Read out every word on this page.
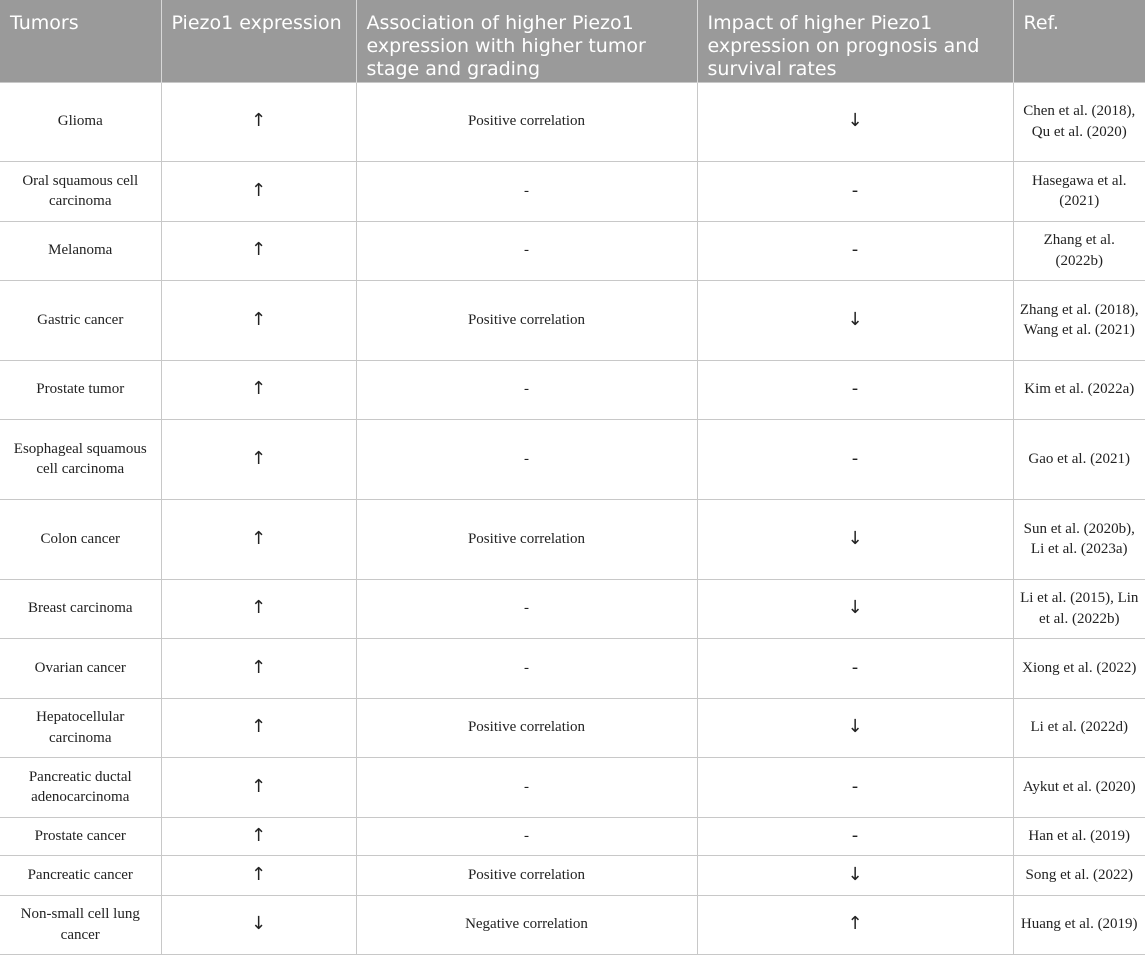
Tumors	Piezo1 expression	Association of higher Piezo1 expression with higher tumor stage and grading	Impact of higher Piezo1 expression on prognosis and survival rates	Ref.
Glioma	↑	Positive correlation	↓	Chen et al. (2018), Qu et al. (2020)
Oral squamous cell carcinoma	↑	-	-	Hasegawa et al. (2021)
Melanoma	↑	-	-	Zhang et al. (2022b)
Gastric cancer	↑	Positive correlation	↓	Zhang et al. (2018), Wang et al. (2021)
Prostate tumor	↑	-	-	Kim et al. (2022a)
Esophageal squamous cell carcinoma	↑	-	-	Gao et al. (2021)
Colon cancer	↑	Positive correlation	↓	Sun et al. (2020b), Li et al. (2023a)
Breast carcinoma	↑	-	↓	Li et al. (2015), Lin et al. (2022b)
Ovarian cancer	↑	-	-	Xiong et al. (2022)
Hepatocellular carcinoma	↑	Positive correlation	↓	Li et al. (2022d)
Pancreatic ductal adenocarcinoma	↑	-	-	Aykut et al. (2020)
Prostate cancer	↑	-	-	Han et al. (2019)
Pancreatic cancer	↑	Positive correlation	↓	Song et al. (2022)
Non-small cell lung cancer	↓	Negative correlation	↑	Huang et al. (2019)
